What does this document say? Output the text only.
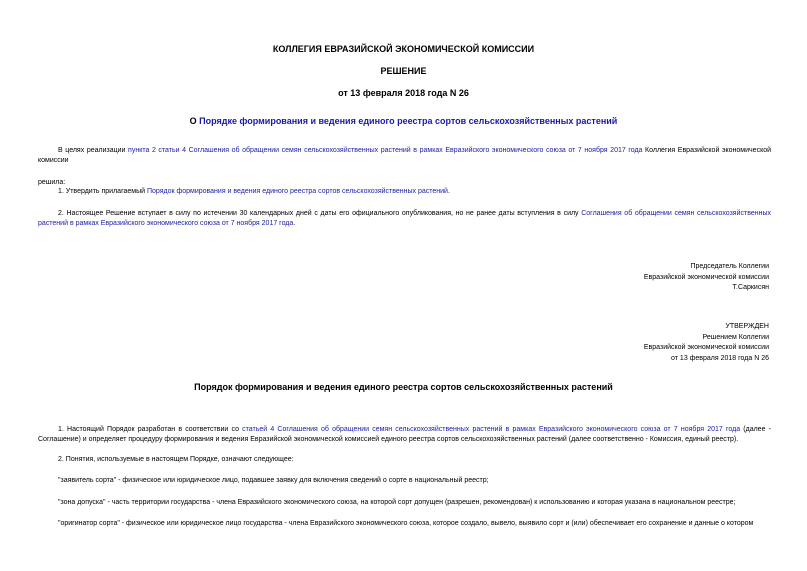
КОЛЛЕГИЯ ЕВРАЗИЙСКОЙ ЭКОНОМИЧЕСКОЙ КОМИССИИ
РЕШЕНИЕ
от 13 февраля 2018 года N 26
О Порядке формирования и ведения единого реестра сортов сельскохозяйственных растений
В целях реализации пункта 2 статьи 4 Соглашения об обращении семян сельскохозяйственных растений в рамках Евразийского экономического союза от 7 ноября 2017 года Коллегия Евразийской экономической комиссии
решила:
1. Утвердить прилагаемый Порядок формирования и ведения единого реестра сортов сельскохозяйственных растений.
2. Настоящее Решение вступает в силу по истечении 30 календарных дней с даты его официального опубликования, но не ранее даты вступления в силу Соглашения об обращении семян сельскохозяйственных растений в рамках Евразийского экономического союза от 7 ноября 2017 года.
Председатель Коллегии
Евразийской экономической комиссии
Т.Саркисян
УТВЕРЖДЕН
Решением Коллегии
Евразийской экономической комиссии
от 13 февраля 2018 года N 26
Порядок формирования и ведения единого реестра сортов сельскохозяйственных растений
1. Настоящий Порядок разработан в соответствии со статьей 4 Соглашения об обращении семян сельскохозяйственных растений в рамках Евразийского экономического союза от 7 ноября 2017 года (далее - Соглашение) и определяет процедуру формирования и ведения Евразийской экономической комиссией единого реестра сортов сельскохозяйственных растений (далее соответственно - Комиссия, единый реестр).
2. Понятия, используемые в настоящем Порядке, означают следующее:
"заявитель сорта" - физическое или юридическое лицо, подавшее заявку для включения сведений о сорте в национальный реестр;
"зона допуска" - часть территории государства - члена Евразийского экономического союза, на которой сорт допущен (разрешен, рекомендован) к использованию и которая указана в национальном реестре;
"оригинатор сорта" - физическое или юридическое лицо государства - члена Евразийского экономического союза, которое создало, вывело, выявило сорт и (или) обеспечивает его сохранение и данные о котором
